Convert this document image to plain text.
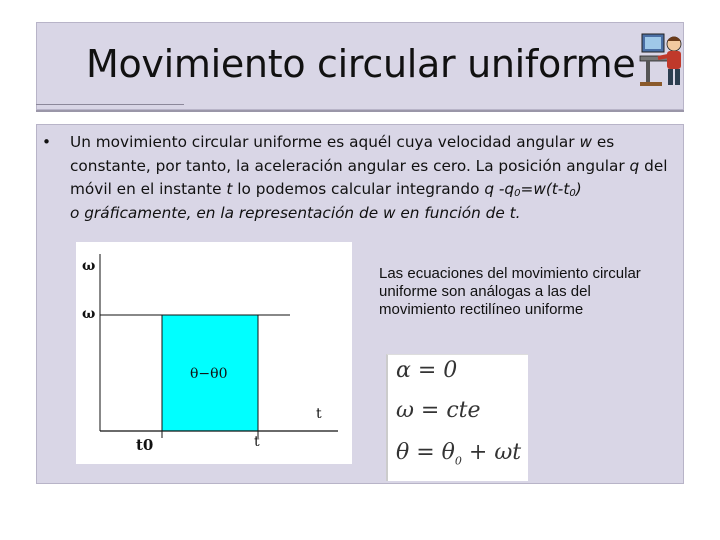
Movimiento circular uniforme
• Un movimiento circular uniforme es aquél cuya velocidad angular w es constante, por tanto, la aceleración angular es cero. La posición angular q del móvil en el instante t lo podemos calcular integrando q $-q_0=w(t-t_0)$
o gráficamente, en la representación de w en función de t.
ω
ω
θ−θ0
t
t0	t
Las ecuaciones del movimiento circular uniforme son análogas a las del movimiento rectilíneo uniforme
α = 0
ω = cte
$\theta = \theta_0 + \omega t$
